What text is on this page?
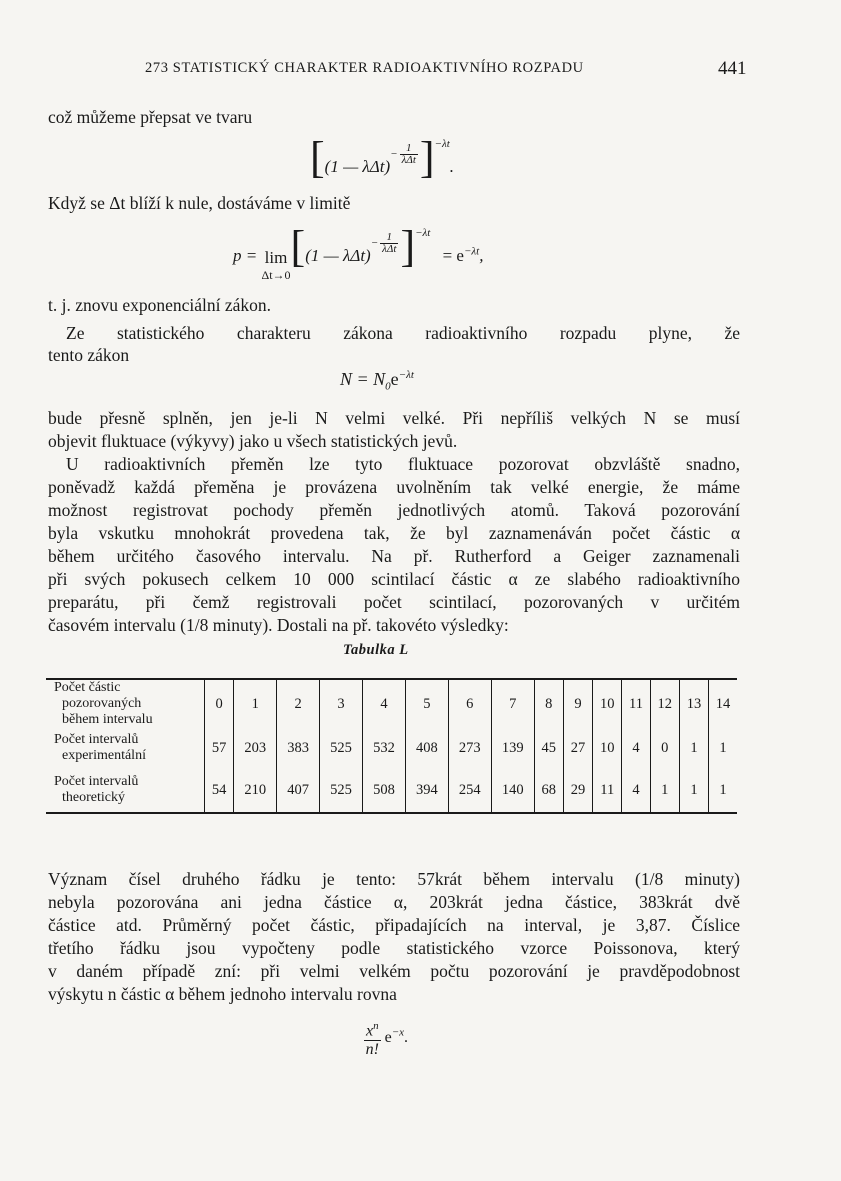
273 STATISTICKÝ CHARAKTER RADIOAKTIVNÍHO ROZPADU	441
což můžeme přepsat ve tvaru
[(1 — λΔt)$^{- \frac{1}{\text{λΔt}}}$ ]$^{-\lambda t}$.
Když se Δt blíží k nule, dostáváme v limitě
p = lim
Δt→0
[(1 — λΔt)$^{- \frac{1}{\text{λΔt}}}$ ]$^{-\lambda t} = e^{-\lambda t}$,
t. j. znovu exponenciální zákon.
Ze statistického charakteru zákona radioaktivního rozpadu plyne, že
tento zákon
$N = N_0e^{-\lambda t}$
bude přesně splněn, jen je-li N velmi velké. Při nepříliš velkých N se musí
objevit fluktuace (výkyvy) jako u všech statistických jevů.
U radioaktivních přeměn lze tyto fluktuace pozorovat obzvláště snadno,
poněvadž každá přeměna je provázena uvolněním tak velké energie, že máme
možnost registrovat pochody přeměn jednotlivých atomů. Taková pozorování
byla vskutku mnohokrát provedena tak, že byl zaznamenáván počet částic α
během určitého časového intervalu. Na př. Rutherford a Geiger zaznamenali
při svých pokusech celkem 10 000 scintilací částic α ze slabého radioaktivního
preparátu, při čemž registrovali počet scintilací, pozorovaných v určitém
časovém intervalu (1/8 minuty). Dostali na př. takovéto výsledky:
Tabulka L
Počet částic
pozorovaných
během intervalu	0	1	2	3	4	5	6	7	8	9	10	11	12	13	14

Počet intervalů
experimentální	57	203	383	525	532	408	273	139	45	27	10	4	0	1	1

Počet intervalů
theoretický	54	210	407	525	508	394	254	140	68	29	11	4	1	1	1
Význam čísel druhého řádku je tento: 57krát během intervalu (1/8 minuty)
nebyla pozorována ani jedna částice α, 203krát jedna částice, 383krát dvě
částice atd. Průměrný počet částic, připadajících na interval, je 3,87. Číslice
třetího řádku jsou vypočteny podle statistického vzorce Poissonova, který
v daném případě zní: při velmi velkém počtu pozorování je pravděpodobnost
výskytu n částic α během jednoho intervalu rovna
$\frac{x^n}{n!} e^{-x}$.
